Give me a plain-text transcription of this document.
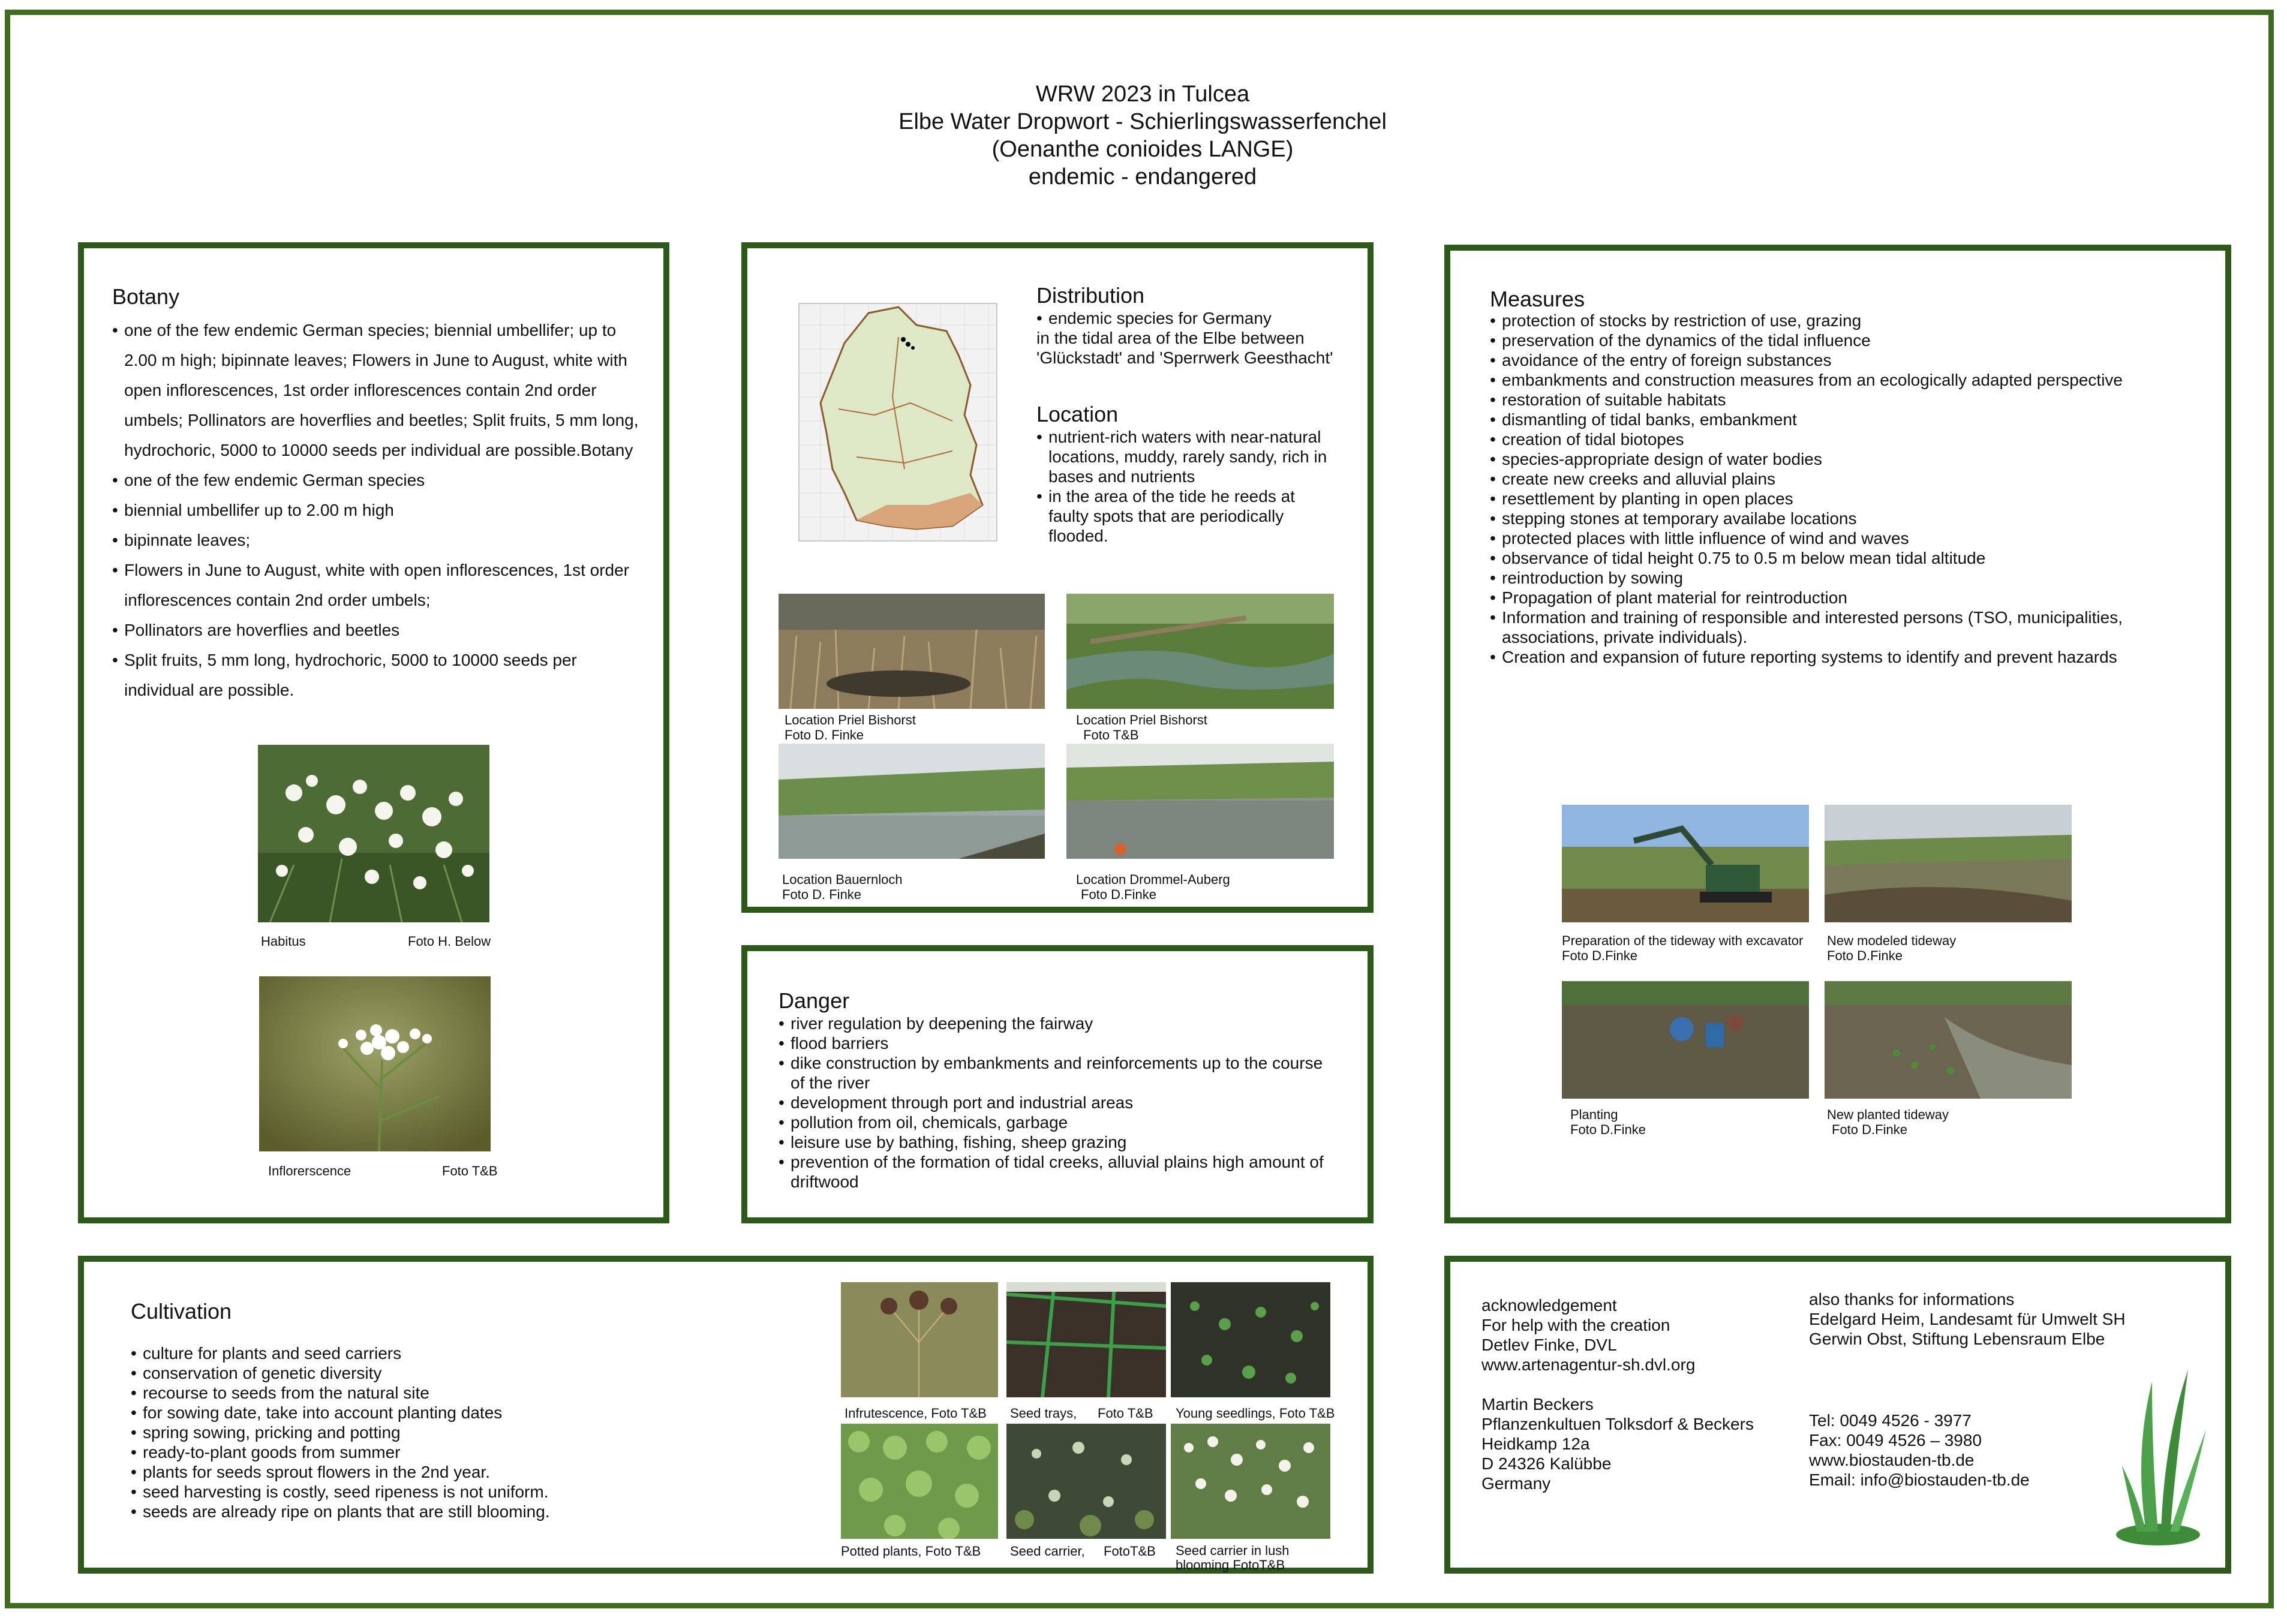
WRW 2023 in Tulcea
Elbe Water Dropwort - Schierlingswasserfenchel
(Oenanthe conioides LANGE)
endemic - endangered
Botany
• one of the few endemic German species; biennial umbellifer; up to 2.00 m high; bipinnate leaves; Flowers in June to August, white with open inflorescences, 1st order inflorescences contain 2nd order umbels; Pollinators are hoverflies and beetles; Split fruits, 5 mm long, hydrochoric, 5000 to 10000 seeds per individual are possible.Botany
• one of the few endemic German species
• biennial umbellifer up to 2.00 m high
• bipinnate leaves;
• Flowers in June to August, white with open inflorescences, 1st order inflorescences contain 2nd order umbels;
• Pollinators are hoverflies and beetles
• Split fruits, 5 mm long, hydrochoric, 5000 to 10000 seeds per individual are possible.
Habitus	Foto H. Below
Inflorerscence	Foto T&B
Distribution
• endemic species for Germany
in the tidal area of the Elbe between 'Glückstadt' and 'Sperrwerk Geesthacht'
Location
• nutrient-rich waters with near-natural locations, muddy, rarely sandy, rich in bases and nutrients
• in the area of the tide he reeds at faulty spots that are periodically flooded.
Location Priel Bishorst
Foto D. Finke
Location Priel Bishorst
Foto T&B
Location Bauernloch
Foto D. Finke
Location Drommel-Auberg
Foto D.Finke
Danger
• river regulation by deepening the fairway
• flood barriers
• dike construction by embankments and reinforcements up to the course of the river
• development through port and industrial areas
• pollution from oil, chemicals, garbage
• leisure use by bathing, fishing, sheep grazing
• prevention of the formation of tidal creeks, alluvial plains high amount of driftwood
Measures
• protection of stocks by restriction of use, grazing
• preservation of the dynamics of the tidal influence
• avoidance of the entry of foreign substances
• embankments and construction measures from an ecologically adapted perspective
• restoration of suitable habitats
• dismantling of tidal banks, embankment
• creation of tidal biotopes
• species-appropriate design of water bodies
• create new creeks and alluvial plains
• resettlement by planting in open places
• stepping stones at temporary availabe locations
• protected places with little influence of wind and waves
• observance of tidal height 0.75 to 0.5 m below mean tidal altitude
• reintroduction by sowing
• Propagation of plant material for reintroduction
• Information and training of responsible and interested persons (TSO, municipalities, associations, private individuals).
• Creation and expansion of future reporting systems to identify and prevent hazards
Preparation of the tideway with excavator
Foto D.Finke
New modeled tideway
Foto D.Finke
Planting
Foto D.Finke
New planted tideway
Foto D.Finke
Cultivation
• culture for plants and seed carriers
• conservation of genetic diversity
• recourse to seeds from the natural site
• for sowing date, take into account planting dates
• spring sowing, pricking and potting
• ready-to-plant goods from summer
• plants for seeds sprout flowers in the 2nd year.
• seed harvesting is costly, seed ripeness is not uniform.
• seeds are already ripe on plants that are still blooming.
Infrutescence, Foto T&B Seed trays, Foto T&B Young seedlings, Foto T&B
Potted plants, Foto T&B Seed carrier, FotoT&B Seed carrier in lush blooming FotoT&B
acknowledgement
For help with the creation
Detlev Finke, DVL
www.artenagentur-sh.dvl.org
Martin Beckers
Pflanzenkultuen Tolksdorf & Beckers
Heidkamp 12a
D 24326 Kalübbe
Germany
also thanks for informations
Edelgard Heim, Landesamt für Umwelt SH
Gerwin Obst, Stiftung Lebensraum Elbe
Tel: 0049 4526 - 3977
Fax: 0049 4526 – 3980
www.biostauden-tb.de
Email: info@biostauden-tb.de
